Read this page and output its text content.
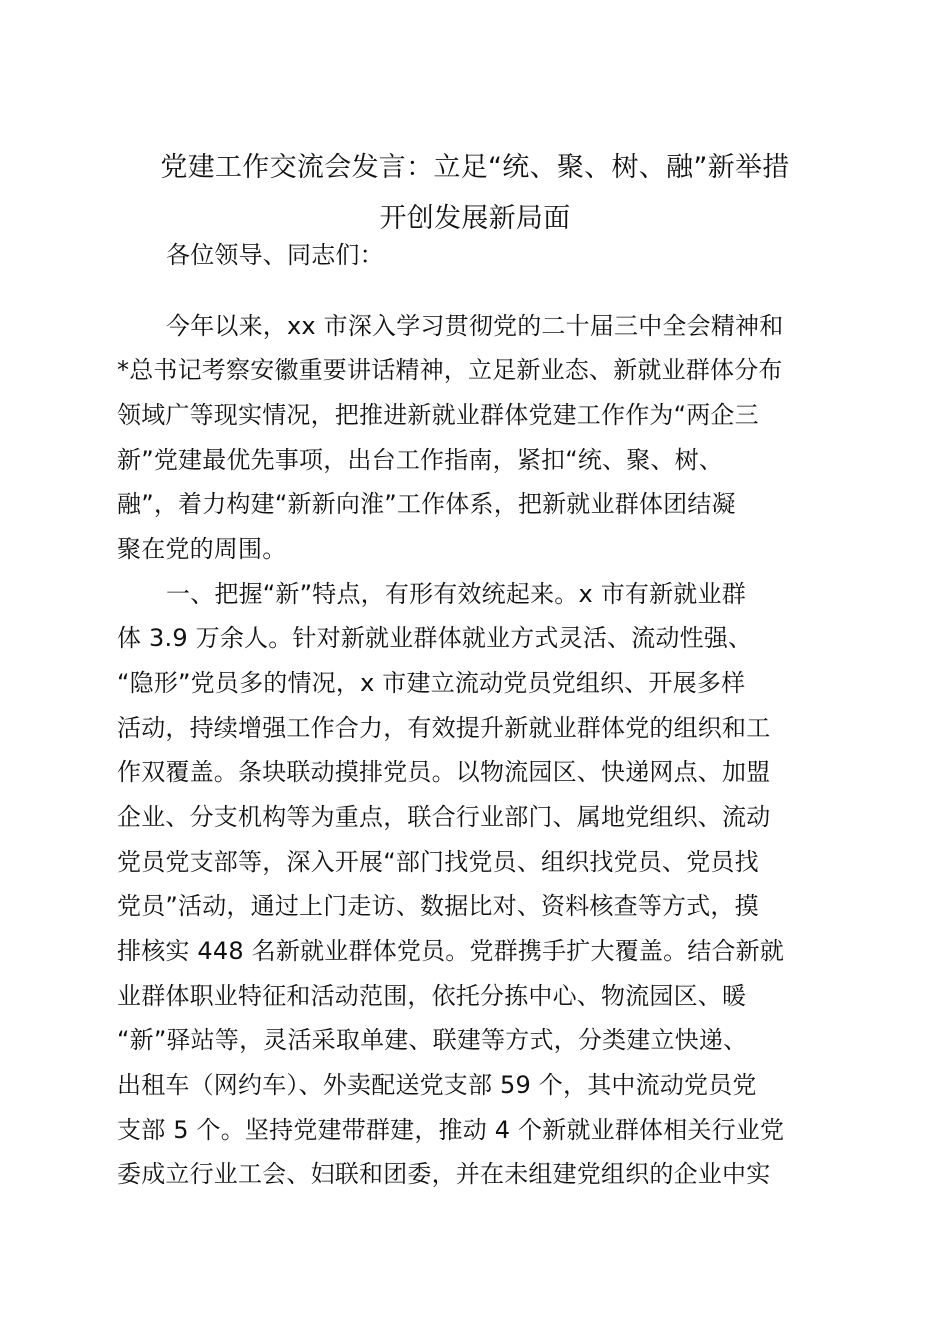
党建工作交流会发言：立足“统、聚、树、融”新举措
开创发展新局面
各位领导、同志们：
今年以来，xx 市深入学习贯彻党的二十届三中全会精神和
*总书记考察安徽重要讲话精神，立足新业态、新就业群体分布
领域广等现实情况，把推进新就业群体党建工作作为“两企三
新”党建最优先事项，出台工作指南，紧扣“统、聚、树、
融”，着力构建“新新向淮”工作体系，把新就业群体团结凝
聚在党的周围。
一、把握“新”特点，有形有效统起来。x 市有新就业群
体 3.9 万余人。针对新就业群体就业方式灵活、流动性强、
“隐形”党员多的情况，x 市建立流动党员党组织、开展多样
活动，持续增强工作合力，有效提升新就业群体党的组织和工
作双覆盖。条块联动摸排党员。以物流园区、快递网点、加盟
企业、分支机构等为重点，联合行业部门、属地党组织、流动
党员党支部等，深入开展“部门找党员、组织找党员、党员找
党员”活动，通过上门走访、数据比对、资料核查等方式，摸
排核实 448 名新就业群体党员。党群携手扩大覆盖。结合新就
业群体职业特征和活动范围，依托分拣中心、物流园区、暖
“新”驿站等，灵活采取单建、联建等方式，分类建立快递、
出租车（网约车）、外卖配送党支部 59 个，其中流动党员党
支部 5 个。坚持党建带群建，推动 4 个新就业群体相关行业党
委成立行业工会、妇联和团委，并在未组建党组织的企业中实
